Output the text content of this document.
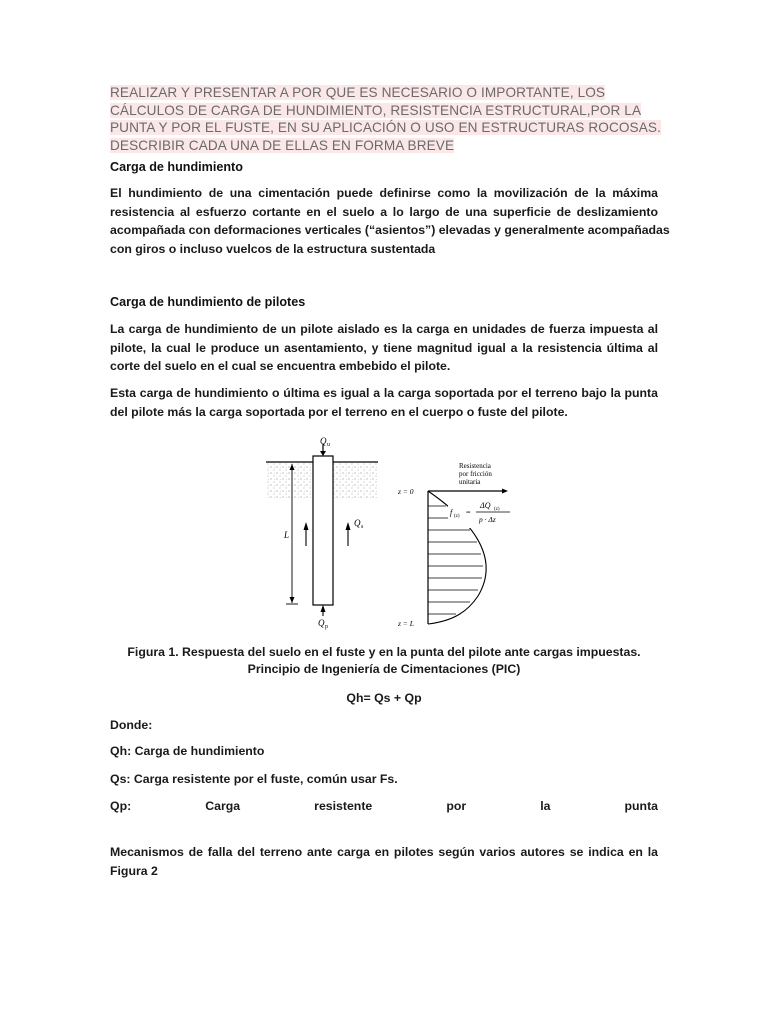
REALIZAR Y PRESENTAR A POR QUE ES NECESARIO O IMPORTANTE, LOS
CÁLCULOS DE CARGA DE HUNDIMIENTO, RESISTENCIA ESTRUCTURAL,POR LA
PUNTA Y POR EL FUSTE, EN SU APLICACIÓN O USO EN ESTRUCTURAS ROCOSAS.
DESCRIBIR CADA UNA DE ELLAS EN FORMA BREVE
Carga de hundimiento
El hundimiento de una cimentación puede definirse como la movilización de la máxima
resistencia al esfuerzo cortante en el suelo a lo largo de una superficie de deslizamiento
acompañada con deformaciones verticales (“asientos”) elevadas y generalmente acompañadas
con giros o incluso vuelcos de la estructura sustentada
Carga de hundimiento de pilotes
La carga de hundimiento de un pilote aislado es la carga en unidades de fuerza impuesta al
pilote, la cual le produce un asentamiento, y tiene magnitud igual a la resistencia última al
corte del suelo en el cual se encuentra embebido el pilote.
Esta carga de hundimiento o última es igual a la carga soportada por el terreno bajo la punta
del pilote más la carga soportada por el terreno en el cuerpo o fuste del pilote.
Q u
L
Q s
Q p
Resistencia
por fricción
unitaria
z = 0
z = L
f (z) =
ΔQ (z)
p · Δz
Figura 1. Respuesta del suelo en el fuste y en la punta del pilote ante cargas impuestas.
Principio de Ingeniería de Cimentaciones (PIC)
Qh= Qs + Qp
Donde:
Qh: Carga de hundimiento
Qs: Carga resistente por el fuste, común usar Fs.
Qp:	Carga	resistente	por	la	punta
Mecanismos de falla del terreno ante carga en pilotes según varios autores se indica en la
Figura 2
